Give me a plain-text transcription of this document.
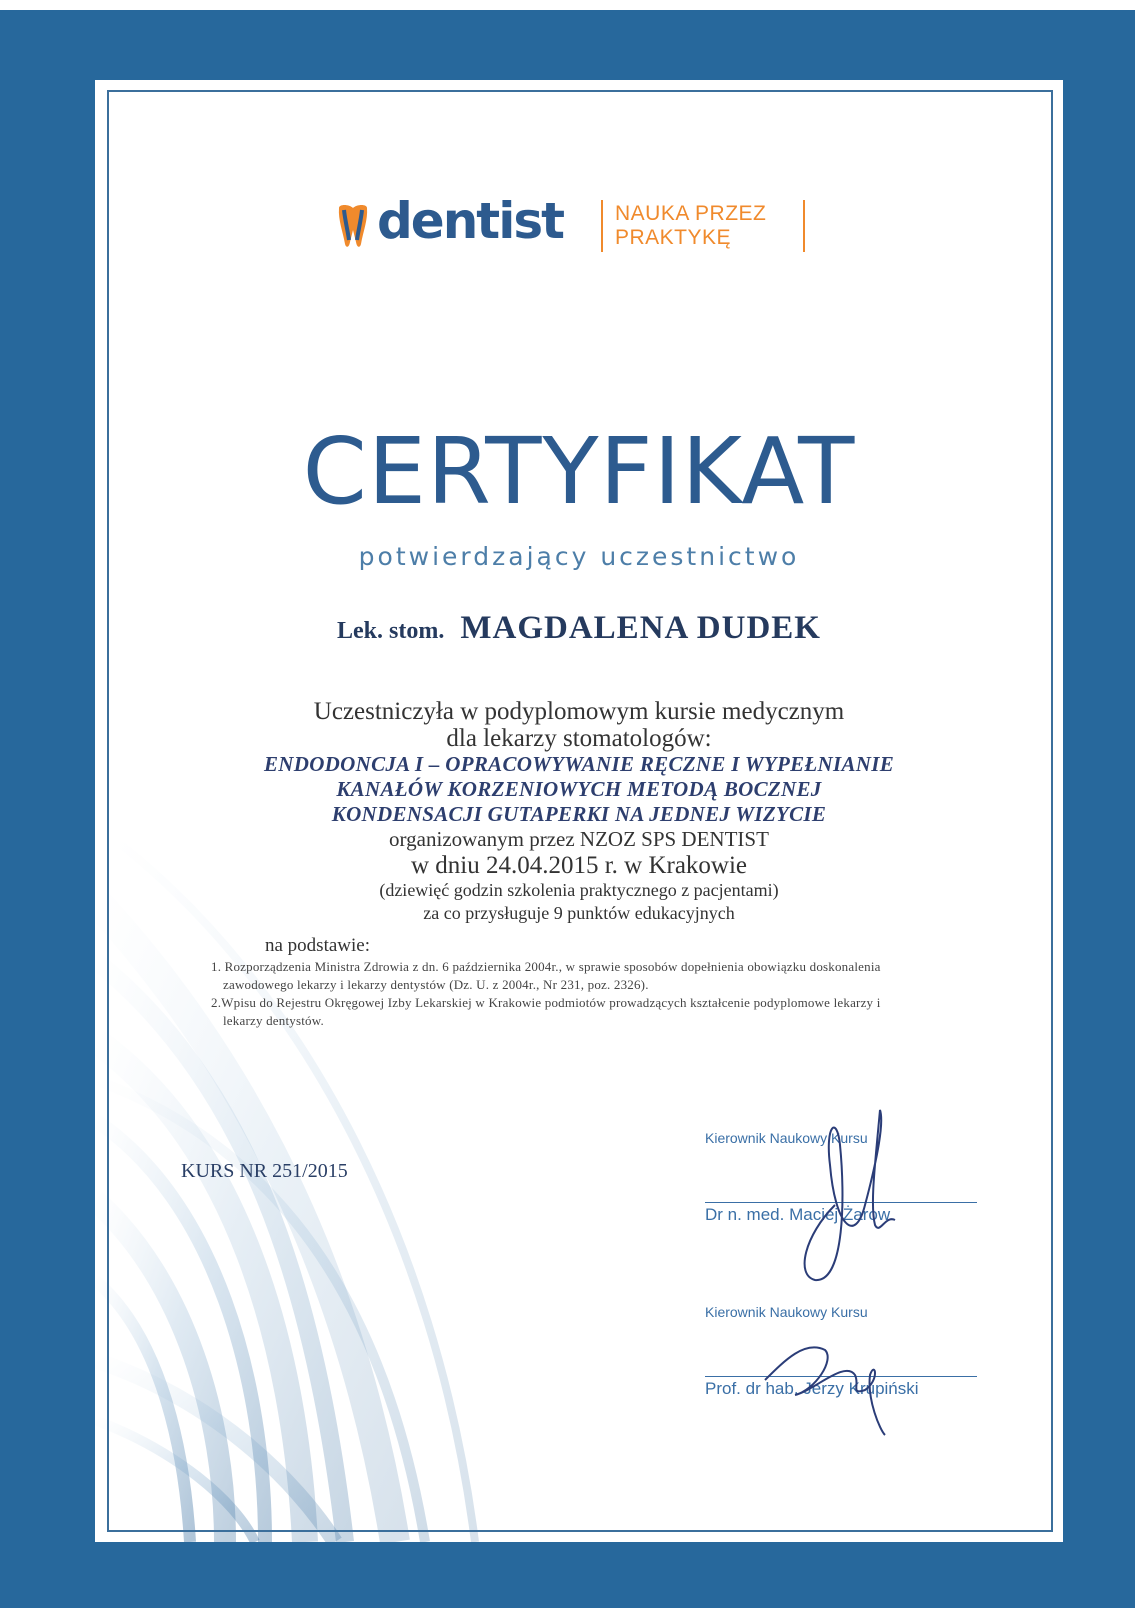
dentist NAUKA PRZEZ
PRAKTYKĘ
CERTYFIKAT
potwierdzający uczestnictwo
Lek. stom. MAGDALENA DUDEK
Uczestniczyła w podyplomowym kursie medycznym
dla lekarzy stomatologów:
ENDODONCJA I – OPRACOWYWANIE RĘCZNE I WYPEŁNIANIE
KANAŁÓW KORZENIOWYCH METODĄ BOCZNEJ
KONDENSACJI GUTAPERKI NA JEDNEJ WIZYCIE
organizowanym przez NZOZ SPS DENTIST
w dniu 24.04.2015 r. w Krakowie
(dziewięć godzin szkolenia praktycznego z pacjentami)
za co przysługuje 9 punktów edukacyjnych
na podstawie:
1. Rozporządzenia Ministra Zdrowia z dn. 6 października 2004r., w sprawie sposobów dopełnienia obowiązku doskonalenia zawodowego lekarzy i lekarzy dentystów (Dz. U. z 2004r., Nr 231, poz. 2326).
2.Wpisu do Rejestru Okręgowej Izby Lekarskiej w Krakowie podmiotów prowadzących kształcenie podyplomowe lekarzy i lekarzy dentystów.
KURS NR 251/2015
Kierownik Naukowy Kursu
Dr n. med. Maciej Żarow
Kierownik Naukowy Kursu
Prof. dr hab. Jerzy Krupiński
